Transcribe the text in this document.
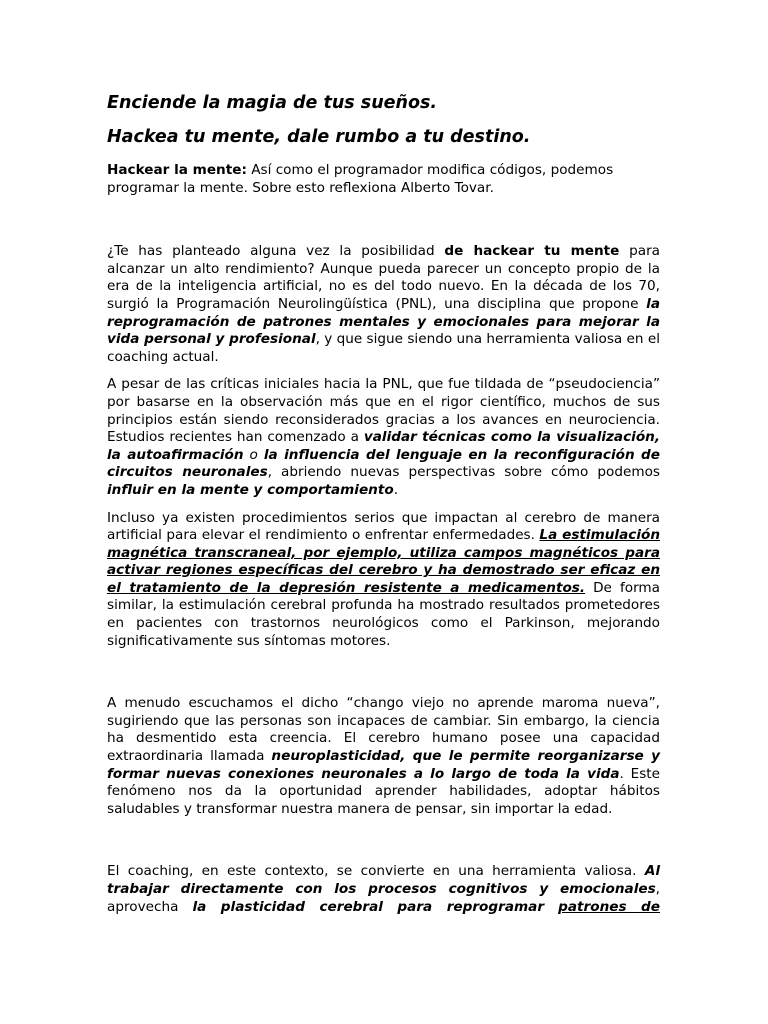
Enciende la magia de tus sueños.
Hackea tu mente, dale rumbo a tu destino.

Hackear la mente: Así como el programador modifica códigos, podemos programar la mente. Sobre esto reflexiona Alberto Tovar.

¿Te has planteado alguna vez la posibilidad de hackear tu mente para alcanzar un alto rendimiento? Aunque pueda parecer un concepto propio de la era de la inteligencia artificial, no es del todo nuevo. En la década de los 70, surgió la Programación Neurolingüística (PNL), una disciplina que propone la reprogramación de patrones mentales y emocionales para mejorar la vida personal y profesional, y que sigue siendo una herramienta valiosa en el coaching actual.

A pesar de las críticas iniciales hacia la PNL, que fue tildada de “pseudociencia” por basarse en la observación más que en el rigor científico, muchos de sus principios están siendo reconsiderados gracias a los avances en neurociencia. Estudios recientes han comenzado a validar técnicas como la visualización, la autoafirmación o la influencia del lenguaje en la reconfiguración de circuitos neuronales, abriendo nuevas perspectivas sobre cómo podemos influir en la mente y comportamiento.

Incluso ya existen procedimientos serios que impactan al cerebro de manera artificial para elevar el rendimiento o enfrentar enfermedades. La estimulación magnética transcraneal, por ejemplo, utiliza campos magnéticos para activar regiones específicas del cerebro y ha demostrado ser eficaz en el tratamiento de la depresión resistente a medicamentos. De forma similar, la estimulación cerebral profunda ha mostrado resultados prometedores en pacientes con trastornos neurológicos como el Parkinson, mejorando significativamente sus síntomas motores.

A menudo escuchamos el dicho “chango viejo no aprende maroma nueva”, sugiriendo que las personas son incapaces de cambiar. Sin embargo, la ciencia ha desmentido esta creencia. El cerebro humano posee una capacidad extraordinaria llamada neuroplasticidad, que le permite reorganizarse y formar nuevas conexiones neuronales a lo largo de toda la vida. Este fenómeno nos da la oportunidad aprender habilidades, adoptar hábitos saludables y transformar nuestra manera de pensar, sin importar la edad.

El coaching, en este contexto, se convierte en una herramienta valiosa. Al trabajar directamente con los procesos cognitivos y emocionales, aprovecha la plasticidad cerebral para reprogramar patrones de
